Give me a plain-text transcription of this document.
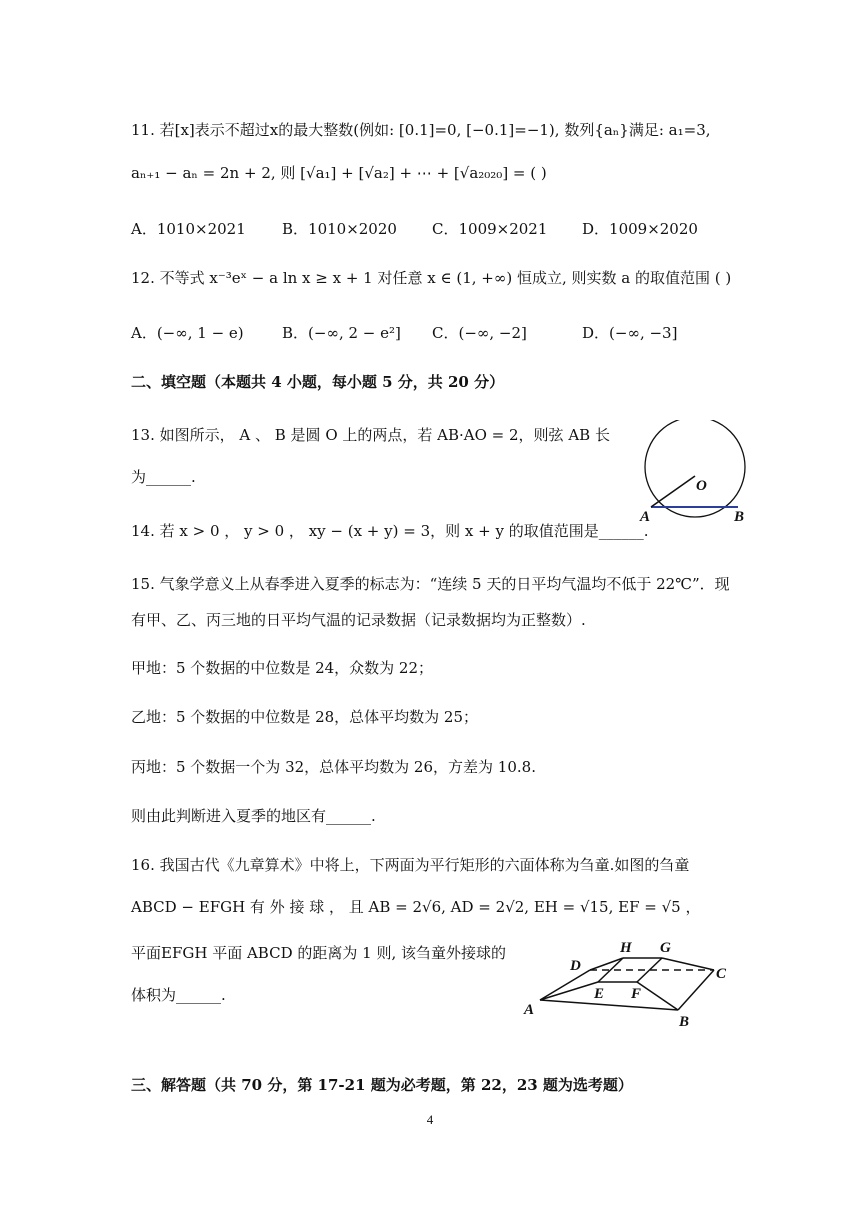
11. 若[x]表示不超过x的最大整数(例如: [0.1]=0, [−0.1]=−1), 数列{aₙ}满足: a₁=3,
aₙ₊₁ − aₙ = 2n + 2, 则 [√a₁] + [√a₂] + ⋯ + [√a₂₀₂₀] = ( )
A．1010×2021 B．1010×2020 C．1009×2021 D．1009×2020
12. 不等式 x⁻³eˣ − a ln x ≥ x + 1 对任意 x ∈ (1, +∞) 恒成立, 则实数 a 的取值范围 ( )
A．(−∞, 1 − e)	B．(−∞, 2 − e²] C．(−∞, −2]	D．(−∞, −3]
二、填空题（本题共 4 小题，每小题 5 分，共 20 分）
13. 如图所示， A 、 B 是圆 O 上的两点，若 AB·AO = 2，则弦 AB 长
为______.	O
A	B
14. 若 x > 0 ， y > 0 ， xy − (x + y) = 3，则 x + y 的取值范围是______.
15. 气象学意义上从春季进入夏季的标志为：“连续 5 天的日平均气温均不低于 22℃”．现
有甲、乙、丙三地的日平均气温的记录数据（记录数据均为正整数）.
甲地：5 个数据的中位数是 24，众数为 22；
乙地：5 个数据的中位数是 28，总体平均数为 25；
丙地：5 个数据一个为 32，总体平均数为 26，方差为 10.8.
则由此判断进入夏季的地区有______.
16. 我国古代《九章算术》中将上，下两面为平行矩形的六面体称为刍童.如图的刍童
ABCD − EFGH 有 外 接 球 ， 且 AB = 2√6, AD = 2√2, EH = √15, EF = √5 ，
平面EFGH 平面 ABCD 的距离为 1 则, 该刍童外接球的
体积为______.
A
B
C
D
E F
G
H
三、解答题（共 70 分，第 17-21 题为必考题，第 22，23 题为选考题）
4
